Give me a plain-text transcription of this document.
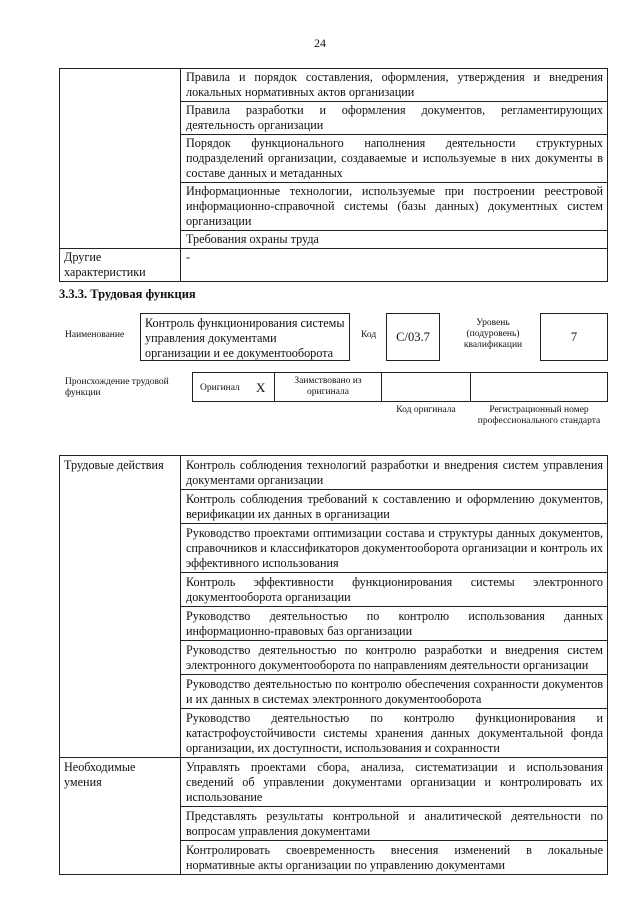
24
	Правила и порядок составления, оформления, утверждения и внедрения локальных нормативных актов организации
	Правила разработки и оформления документов, регламентирующих деятельность организации
	Порядок функционального наполнения деятельности структурных подразделений организации, создаваемые и используемые в них документы в составе данных и метаданных
	Информационные технологии, используемые при построении реестровой информационно-справочной системы (базы данных) документных систем организации
	Требования охраны труда
Другие характеристики	-
3.3.3. Трудовая функция
Наименование
Контроль функционирования системы управления документами организации и ее документооборота
Код	С/03.7
Уровень (подуровень) квалификации
7
Происхождение трудовой функции	Оригинал X	Заимствовано из оригинала
Код оригинала	Регистрационный номер профессионального стандарта
Трудовые действия	Контроль соблюдения технологий разработки и внедрения систем управления документами организации
	Контроль соблюдения требований к составлению и оформлению документов, верификации их данных в организации
	Руководство проектами оптимизации состава и структуры данных документов, справочников и классификаторов документооборота организации и контроль их эффективного использования
	Контроль эффективности функционирования системы электронного документооборота организации
	Руководство деятельностью по контролю использования данных информационно-правовых баз организации
	Руководство деятельностью по контролю разработки и внедрения систем электронного документооборота по направлениям деятельности организации
	Руководство деятельностью по контролю обеспечения сохранности документов и их данных в системах электронного документооборота
	Руководство деятельностью по контролю функционирования и катастрофоустойчивости системы хранения данных документальной фонда организации, их доступности, использования и сохранности
Необходимые умения	Управлять проектами сбора, анализа, систематизации и использования сведений об управлении документами организации и контролировать их использование
	Представлять результаты контрольной и аналитической деятельности по вопросам управления документами
	Контролировать своевременность внесения изменений в локальные нормативные акты организации по управлению документами
